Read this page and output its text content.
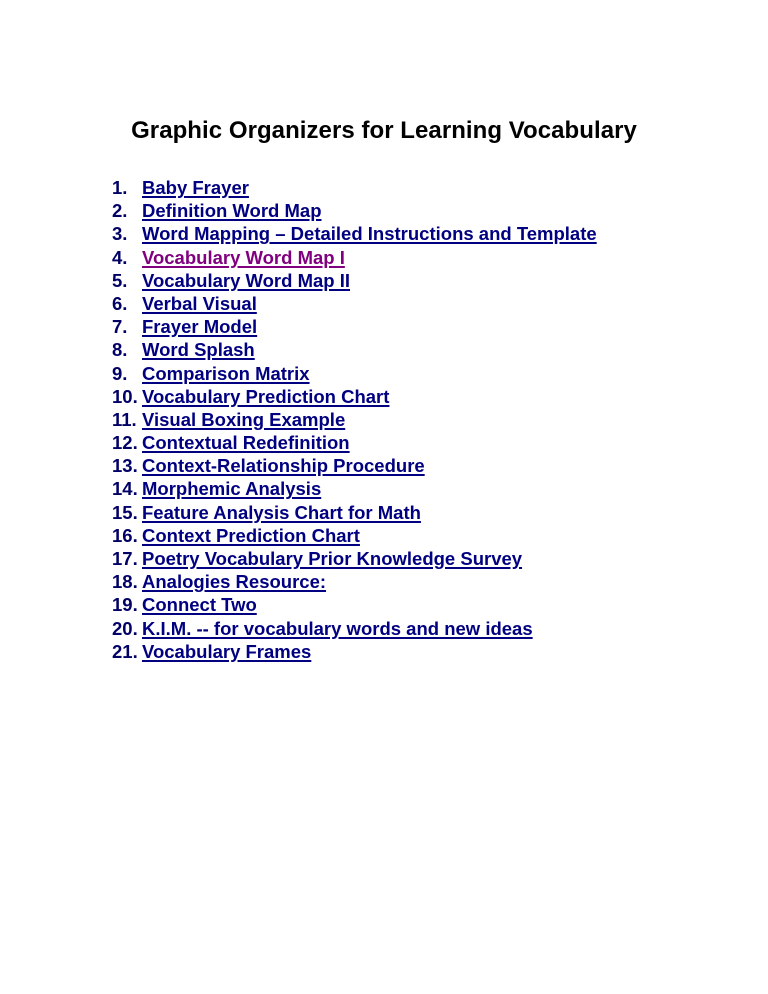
Graphic Organizers for Learning Vocabulary
1. Baby Frayer
2. Definition Word Map
3. Word Mapping – Detailed Instructions and Template
4. Vocabulary Word Map I
5. Vocabulary Word Map II
6. Verbal Visual
7. Frayer Model
8. Word Splash
9. Comparison Matrix
10. Vocabulary Prediction Chart
11. Visual Boxing Example
12. Contextual Redefinition
13. Context-Relationship Procedure
14. Morphemic Analysis
15. Feature Analysis Chart for Math
16. Context Prediction Chart
17. Poetry Vocabulary Prior Knowledge Survey
18. Analogies Resource:
19. Connect Two
20. K.I.M. -- for vocabulary words and new ideas
21. Vocabulary Frames
